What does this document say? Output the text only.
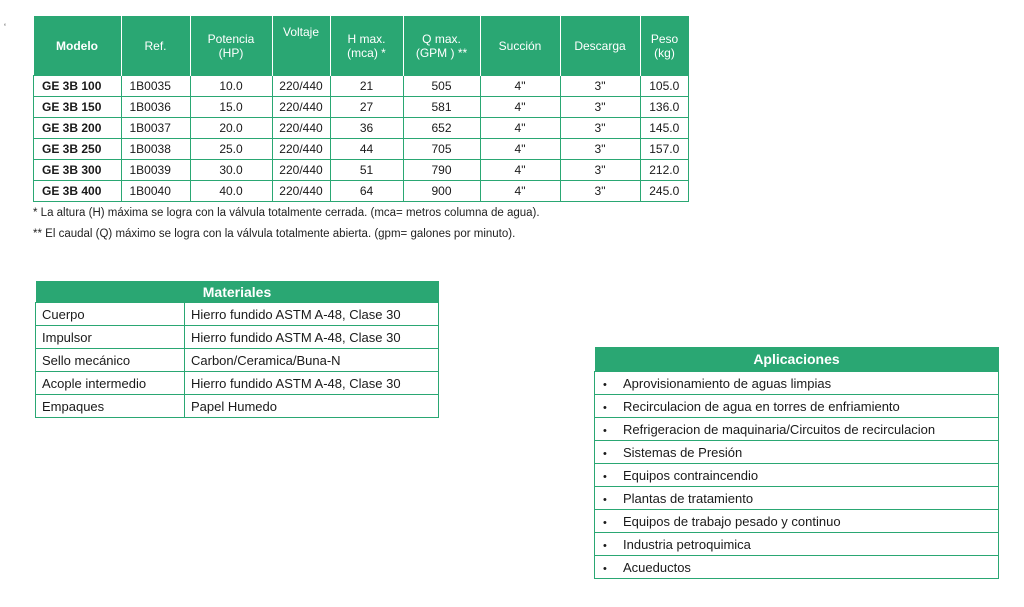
‘
Modelo	Ref.	Potencia
(HP)	Voltaje	H max.
(mca) *	Q max.
(GPM ) **	Succión	Descarga	Peso
(kg)
GE 3B 100	1B0035	10.0	220/440	21	505	4"	3"	105.0
GE 3B 150	1B0036	15.0	220/440	27	581	4"	3"	136.0
GE 3B 200	1B0037	20.0	220/440	36	652	4"	3"	145.0
GE 3B 250	1B0038	25.0	220/440	44	705	4"	3"	157.0
GE 3B 300	1B0039	30.0	220/440	51	790	4"	3"	212.0
GE 3B 400	1B0040	40.0	220/440	64	900	4"	3"	245.0
* La altura (H) máxima se logra con la válvula totalmente cerrada. (mca= metros columna de agua).
** El caudal (Q) máximo se logra con la válvula totalmente abierta. (gpm= galones por minuto).
Materiales	
Cuerpo	Hierro fundido ASTM A-48, Clase 30
Impulsor	Hierro fundido ASTM A-48, Clase 30
Sello mecánico	Carbon/Ceramica/Buna-N
Acople intermedio	Hierro fundido ASTM A-48, Clase 30
Empaques	Papel Humedo
Aplicaciones
• Aprovisionamiento de aguas limpias
• Recirculacion de agua en torres de enfriamiento
• Refrigeracion de maquinaria/Circuitos de recirculacion
• Sistemas de Presión
• Equipos contraincendio
• Plantas de tratamiento
• Equipos de trabajo pesado y continuo
• Industria petroquimica
• Acueductos
